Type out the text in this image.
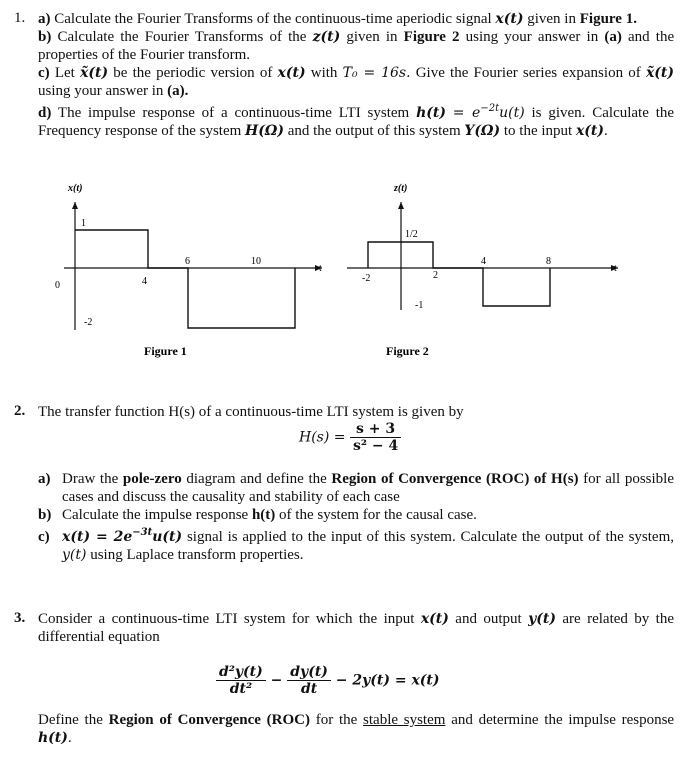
1. a) Calculate the Fourier Transforms of the continuous-time aperiodic signal x(t) given in Figure 1.

b) Calculate the Fourier Transforms of the z(t) given in Figure 2 using your answer in (a) and the properties of the Fourier transform.

c) Let x̃(t) be the periodic version of x(t) with T₀ = 16s. Give the Fourier series expansion of x̃(t) using your answer in (a).

d) The impulse response of a continuous-time LTI system $h(t) = e^{-2t}u(t)$ is given. Calculate the Frequency response of the system H(Ω) and the output of this system Y(Ω) to the input x(t).

x(t)
1
-2
0	4
6	10
t
Figure 1
z(t)
1/2
-1
-2	2
4	8
t
Figure 2
2. The transfer function H(s) of a continuous-time LTI system is given by

$H(s) = \frac{s + 3}{\text{s² − 4}}$

a) Draw the pole-zero diagram and define the Region of Convergence (ROC) of H(s) for all possible cases and discuss the causality and stability of each case

b) Calculate the impulse response h(t) of the system for the causal case.

c) $x(t) = 2e^{-3t}u(t)$ signal is applied to the input of this system. Calculate the output of the system, y(t) using Laplace transform properties.

3. Consider a continuous-time LTI system for which the input x(t) and output y(t) are related by the differential equation

$\frac{\text{d²y(t)}}{\text{dt²}} - \frac{dy(t)}{dt} - 2y(t) = x(t)$

Define the Region of Convergence (ROC) for the stable system and determine the impulse response h(t).
